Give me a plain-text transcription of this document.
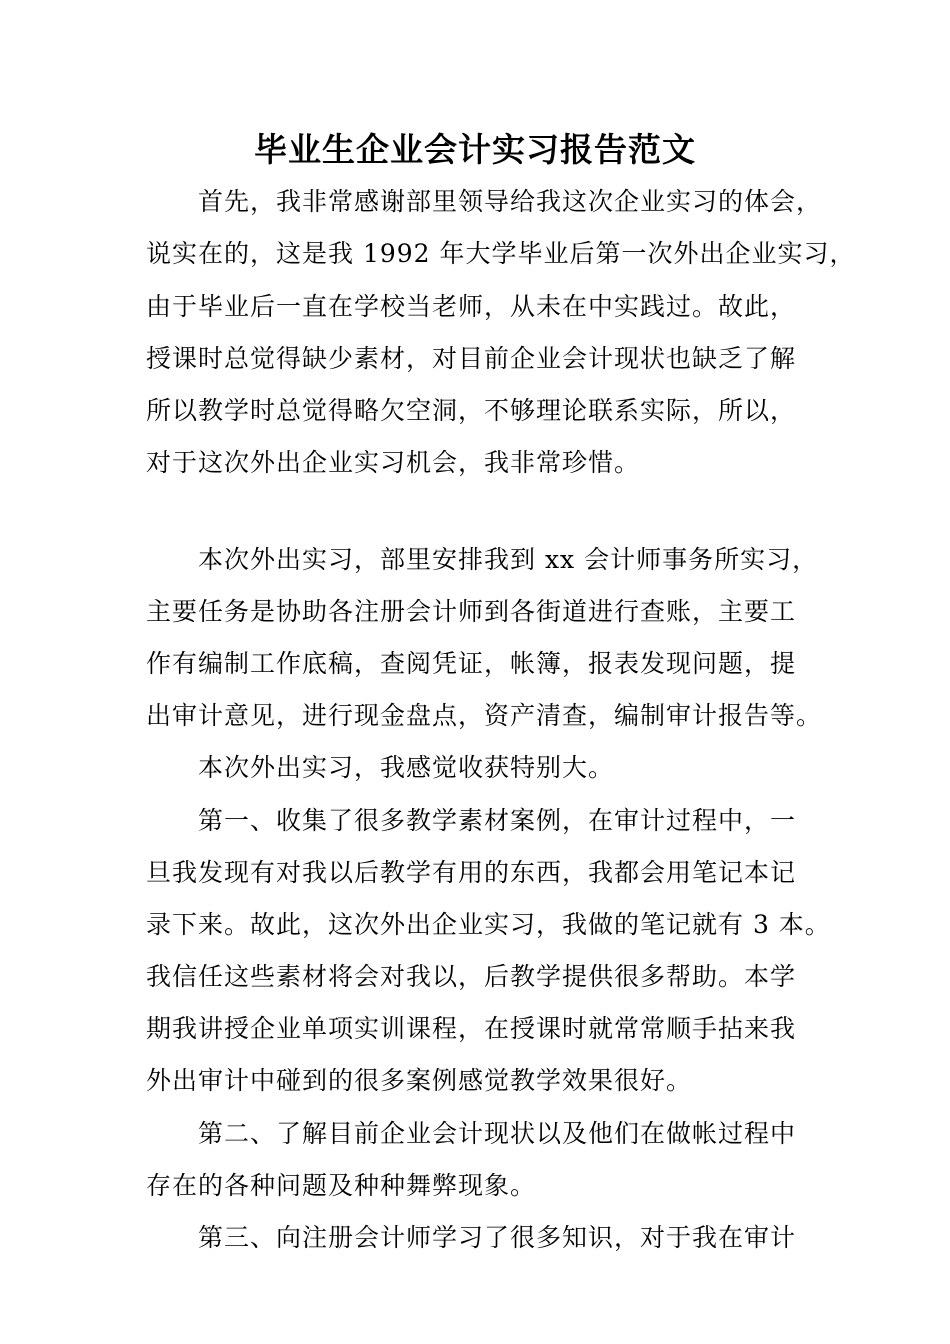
毕业生企业会计实习报告范文

　　首先，我非常感谢部里领导给我这次企业实习的体会，

说实在的，这是我 1992 年大学毕业后第一次外出企业实习，

由于毕业后一直在学校当老师，从未在中实践过。故此，

授课时总觉得缺少素材，对目前企业会计现状也缺乏了解

所以教学时总觉得略欠空洞，不够理论联系实际，所以，

对于这次外出企业实习机会，我非常珍惜。

　　本次外出实习，部里安排我到 xx 会计师事务所实习，

主要任务是协助各注册会计师到各街道进行查账，主要工

作有编制工作底稿，查阅凭证，帐簿，报表发现问题，提

出审计意见，进行现金盘点，资产清查，编制审计报告等。

　　本次外出实习，我感觉收获特别大。

　　第一、收集了很多教学素材案例，在审计过程中，一

旦我发现有对我以后教学有用的东西，我都会用笔记本记

录下来。故此，这次外出企业实习，我做的笔记就有 3 本。

我信任这些素材将会对我以，后教学提供很多帮助。本学

期我讲授企业单项实训课程，在授课时就常常顺手拈来我

外出审计中碰到的很多案例感觉教学效果很好。

　　第二、了解目前企业会计现状以及他们在做帐过程中

存在的各种问题及种种舞弊现象。

　　第三、向注册会计师学习了很多知识，对于我在审计
